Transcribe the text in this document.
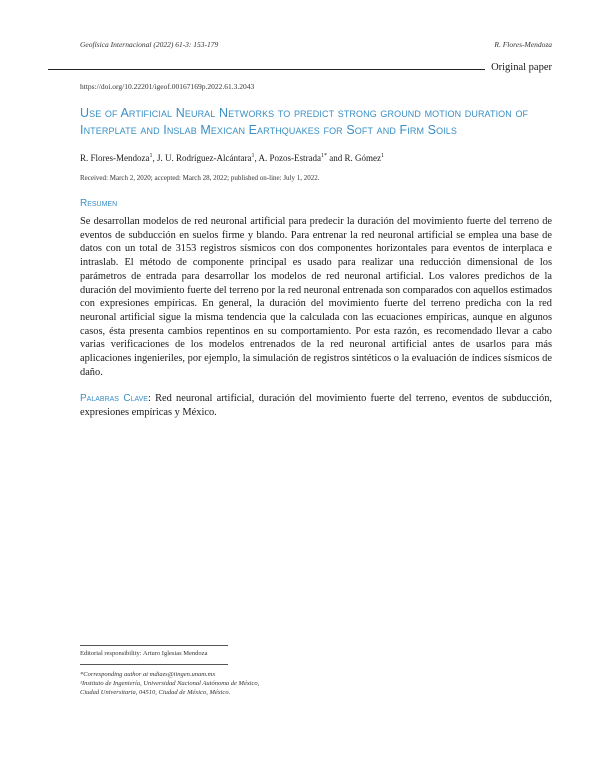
Geofísica Internacional (2022) 61-3: 153-179	R. Flores-Mendoza
Original paper
https://doi.org/10.22201/igeof.00167169p.2022.61.3.2043
Use of Artificial Neural Networks to predict strong ground motion duration of Interplate and Inslab Mexican Earthquakes for Soft and Firm Soils
R. Flores-Mendoza$^1$, J. U. Rodríguez-Alcántara$^1$, A. Pozos-Estrada$^{1*}$ and R. Gómez$^1$
Received: March 2, 2020; accepted: March 28, 2022; published on-line: July 1, 2022.
Resumen

Se desarrollan modelos de red neuronal artificial para predecir la duración del movimiento fuerte del terreno de eventos de subducción en suelos firme y blando. Para entrenar la red neuronal artificial se emplea una base de datos con un total de 3153 registros sísmicos con dos componentes horizontales para eventos de interplaca e intraslab. El método de componente principal es usado para realizar una reducción dimensional de los parámetros de entrada para desarrollar los modelos de red neuronal artificial. Los valores predichos de la duración del movimiento fuerte del terreno por la red neuronal entrenada son comparados con aquellos estimados con expresiones empíricas. En general, la duración del movimiento fuerte del terreno predicha con la red neuronal artificial sigue la misma tendencia que la calculada con las ecuaciones empíricas, aunque en algunos casos, ésta presenta cambios repentinos en su comportamiento. Por esta razón, es recomendado llevar a cabo varias verificaciones de los modelos entrenados de la red neuronal artificial antes de usarlos para más aplicaciones ingenieriles, por ejemplo, la simulación de registros sintéticos o la evaluación de índices sísmicos de daño.

Palabras Clave: Red neuronal artificial, duración del movimiento fuerte del terreno, eventos de subducción, expresiones empíricas y México.

Editorial responsibility: Arturo Iglesias Mendoza
*Corresponding author at mdiazs@iingen.unam.mx
¹Instituto de Ingeniería, Universidad Nacional Autónoma de México,
Ciudad Universitaria, 04510, Ciudad de México, México.
